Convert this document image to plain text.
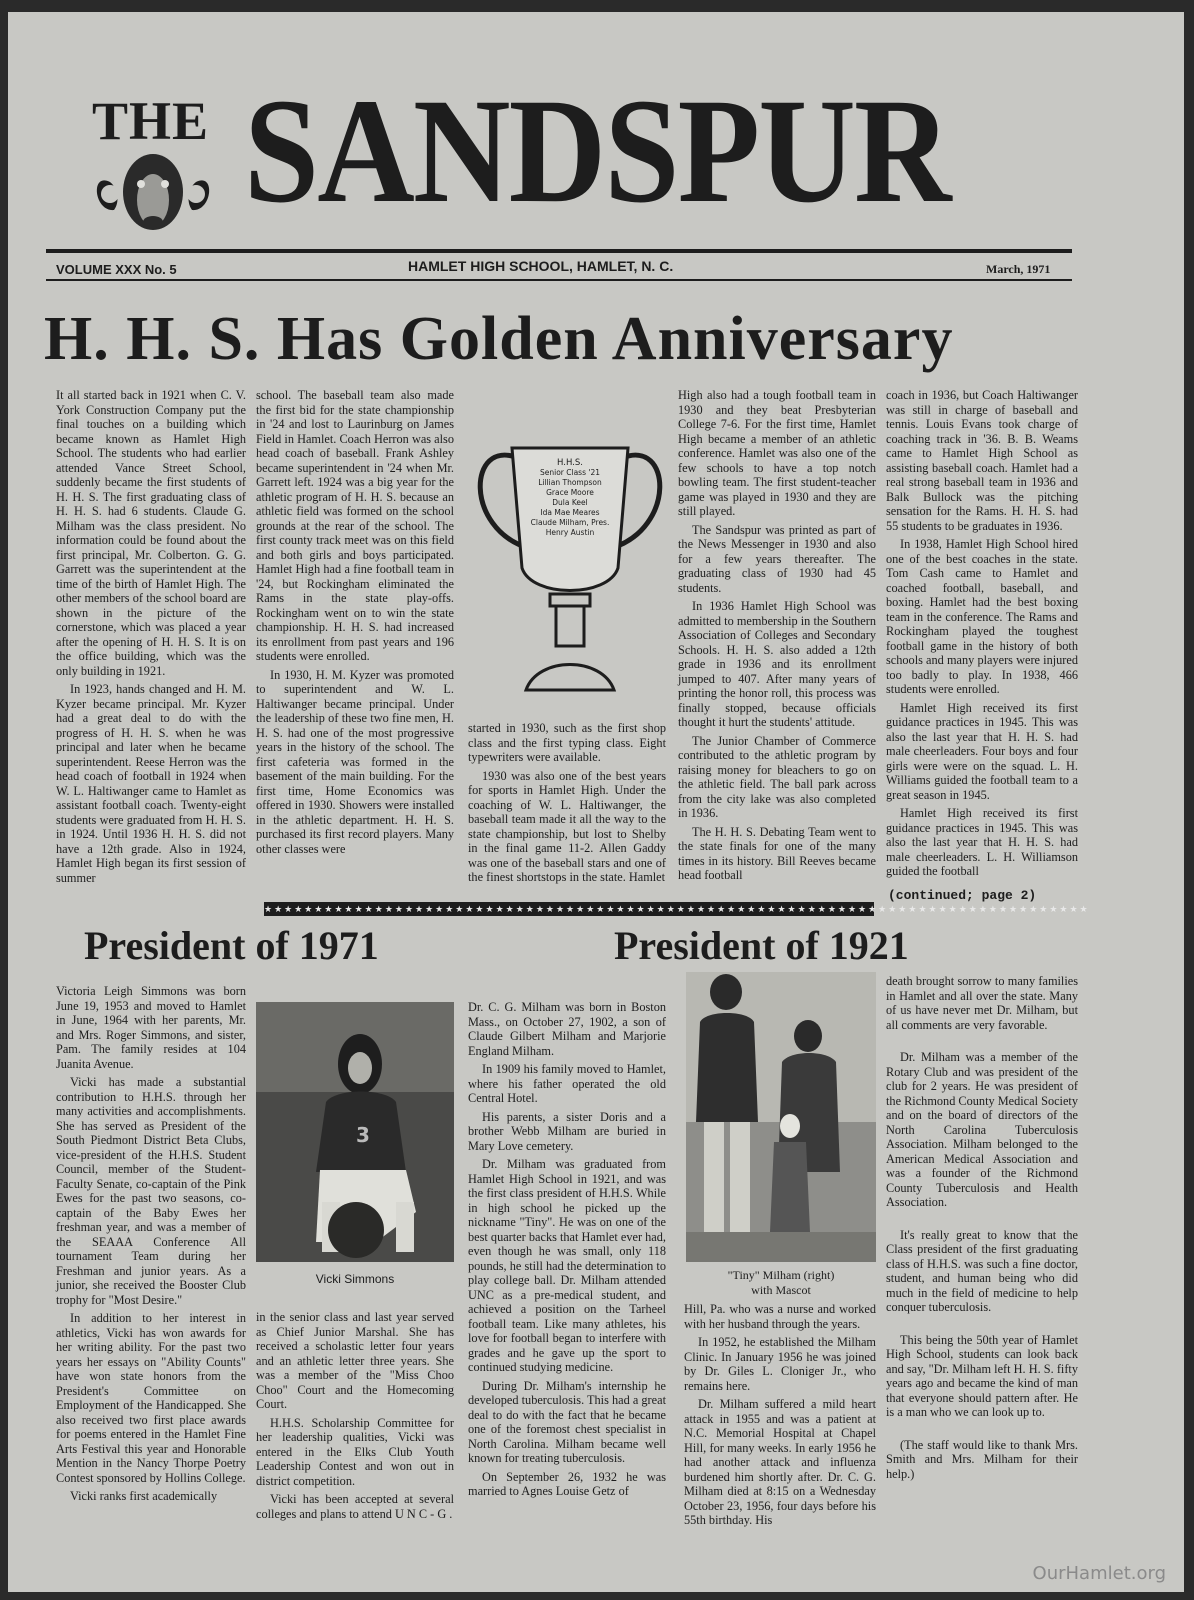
THE SANDSPUR
VOLUME XXX No. 5	HAMLET HIGH SCHOOL, HAMLET, N. C.	March, 1971
H. H. S. Has Golden Anniversary

It all started back in 1921 when C. V. York Construction Company put the final touches on a building which became known as Hamlet High School. The students who had earlier attended Vance Street School, suddenly became the first students of H. H. S. The first graduating class of H. H. S. had 6 students. Claude G. Milham was the class president. No information could be found about the first principal, Mr. Colberton. G. G. Garrett was the superintendent at the time of the birth of Hamlet High. The other members of the school board are shown in the picture of the cornerstone, which was placed a year after the opening of H. H. S. It is on the office building, which was the only building in 1921.

In 1923, hands changed and H. M. Kyzer became principal. Mr. Kyzer had a great deal to do with the progress of H. H. S. when he was principal and later when he became superintendent. Reese Herron was the head coach of football in 1924 when W. L. Haltiwanger came to Hamlet as assistant football coach. Twenty-eight students were graduated from H. H. S. in 1924. Until 1936 H. H. S. did not have a 12th grade. Also in 1924, Hamlet High began its first session of summer

school. The baseball team also made the first bid for the state championship in '24 and lost to Laurinburg on James Field in Hamlet. Coach Herron was also head coach of baseball. Frank Ashley became superintendent in '24 when Mr. Garrett left. 1924 was a big year for the athletic program of H. H. S. because an athletic field was formed on the school grounds at the rear of the school. The first county track meet was on this field and both girls and boys participated. Hamlet High had a fine football team in '24, but Rockingham eliminated the Rams in the state play-offs. Rockingham went on to win the state championship. H. H. S. had increased its enrollment from past years and 196 students were enrolled.

In 1930, H. M. Kyzer was promoted to superintendent and W. L. Haltiwanger became principal. Under the leadership of these two fine men, H. H. S. had one of the most progressive years in the history of the school. The first cafeteria was formed in the basement of the main building. For the first time, Home Economics was offered in 1930. Showers were installed in the athletic department. H. H. S. purchased its first record players. Many other classes were

H.H.S.
Senior Class '21
Lillian Thompson
Grace Moore
Dula Keel
Ida Mae Meares
Claude Milham, Pres.
Henry Austin

started in 1930, such as the first shop class and the first typing class. Eight typewriters were available.

1930 was also one of the best years for sports in Hamlet High. Under the coaching of W. L. Haltiwanger, the baseball team made it all the way to the state championship, but lost to Shelby in the final game 11-2. Allen Gaddy was one of the baseball stars and one of the finest shortstops in the state. Hamlet

High also had a tough football team in 1930 and they beat Presbyterian College 7-6. For the first time, Hamlet High became a member of an athletic conference. Hamlet was also one of the few schools to have a top notch bowling team. The first student-teacher game was played in 1930 and they are still played.

The Sandspur was printed as part of the News Messenger in 1930 and also for a few years thereafter. The graduating class of 1930 had 45 students.

In 1936 Hamlet High School was admitted to membership in the Southern Association of Colleges and Secondary Schools. H. H. S. also added a 12th grade in 1936 and its enrollment jumped to 407. After many years of printing the honor roll, this process was finally stopped, because officials thought it hurt the students' attitude.

The Junior Chamber of Commerce contributed to the athletic program by raising money for bleachers to go on the athletic field. The ball park across from the city lake was also completed in 1936.

The H. H. S. Debating Team went to the state finals for one of the many times in its history. Bill Reeves became head football

coach in 1936, but Coach Haltiwanger was still in charge of baseball and tennis. Louis Evans took charge of coaching track in '36. B. B. Weams came to Hamlet High School as assisting baseball coach. Hamlet had a real strong baseball team in 1936 and Balk Bullock was the pitching sensation for the Rams. H. H. S. had 55 students to be graduates in 1936.

In 1938, Hamlet High School hired one of the best coaches in the state. Tom Cash came to Hamlet and coached football, baseball, and boxing. Hamlet had the best boxing team in the conference. The Rams and Rockingham played the toughest football game in the history of both schools and many players were injured too badly to play. In 1938, 466 students were enrolled.

Hamlet High received its first guidance practices in 1945. This was also the last year that H. H. S. had male cheerleaders. Four boys and four girls were were on the squad. L. H. Williams guided the football team to a great season in 1945.

Hamlet High received its first guidance practices in 1945. This was also the last year that H. H. S. had male cheerleaders. L. H. Williamson guided the football

(continued; page 2)
★★★★★★★★★★★★★★★★★★★★★★★★★★★★★★★★★★★★★★★★★★★★★★★★★★★★★★★★★★★★★★★★★★★★★★★★★★★★★★★★★★
President of 1971

Victoria Leigh Simmons was born June 19, 1953 and moved to Hamlet in June, 1964 with her parents, Mr. and Mrs. Roger Simmons, and sister, Pam. The family resides at 104 Juanita Avenue.

Vicki has made a substantial contribution to H.H.S. through her many activities and accomplishments. She has served as President of the South Piedmont District Beta Clubs, vice-president of the H.H.S. Student Council, member of the Student-Faculty Senate, co-captain of the Pink Ewes for the past two seasons, co-captain of the Baby Ewes her freshman year, and was a member of the SEAAA Conference All tournament Team during her Freshman and junior years. As a junior, she received the Booster Club trophy for "Most Desire."

In addition to her interest in athletics, Vicki has won awards for her writing ability. For the past two years her essays on "Ability Counts" have won state honors from the President's Committee on Employment of the Handicapped. She also received two first place awards for poems entered in the Hamlet Fine Arts Festival this year and Honorable Mention in the Nancy Thorpe Poetry Contest sponsored by Hollins College.

Vicki ranks first academically

3
Vicki Simmons

in the senior class and last year served as Chief Junior Marshal. She has received a scholastic letter four years and an athletic letter three years. She was a member of the "Miss Choo Choo" Court and the Homecoming Court.

H.H.S. Scholarship Committee for her leadership qualities, Vicki was entered in the Elks Club Youth Leadership Contest and won out in district competition.

Vicki has been accepted at several colleges and plans to attend U N C - G .

President of 1921

Dr. C. G. Milham was born in Boston Mass., on October 27, 1902, a son of Claude Gilbert Milham and Marjorie England Milham.

In 1909 his family moved to Hamlet, where his father operated the old Central Hotel.

His parents, a sister Doris and a brother Webb Milham are buried in Mary Love cemetery.

Dr. Milham was graduated from Hamlet High School in 1921, and was the first class president of H.H.S. While in high school he picked up the nickname "Tiny". He was on one of the best quarter backs that Hamlet ever had, even though he was small, only 118 pounds, he still had the determination to play college ball. Dr. Milham attended UNC as a pre-medical student, and achieved a position on the Tarheel football team. Like many athletes, his love for football began to interfere with grades and he gave up the sport to continued studying medicine.

During Dr. Milham's internship he developed tuberculosis. This had a great deal to do with the fact that he became one of the foremost chest specialist in North Carolina. Milham became well known for treating tuberculosis.

On September 26, 1932 he was married to Agnes Louise Getz of

"Tiny" Milham (right)
with Mascot

Hill, Pa. who was a nurse and worked with her husband through the years.

In 1952, he established the Milham Clinic. In January 1956 he was joined by Dr. Giles L. Cloniger Jr., who remains here.

Dr. Milham suffered a mild heart attack in 1955 and was a patient at N.C. Memorial Hospital at Chapel Hill, for many weeks. In early 1956 he had another attack and influenza burdened him shortly after. Dr. C. G. Milham died at 8:15 on a Wednesday October 23, 1956, four days before his 55th birthday. His

death brought sorrow to many families in Hamlet and all over the state. Many of us have never met Dr. Milham, but all comments are very favorable.

Dr. Milham was a member of the Rotary Club and was president of the club for 2 years. He was president of the Richmond County Medical Society and on the board of directors of the North Carolina Tuberculosis Association. Milham belonged to the American Medical Association and was a founder of the Richmond County Tuberculosis and Health Association.

It's really great to know that the Class president of the first graduating class of H.H.S. was such a fine doctor, student, and human being who did much in the field of medicine to help conquer tuberculosis.

This being the 50th year of Hamlet High School, students can look back and say, "Dr. Milham left H. H. S. fifty years ago and became the kind of man that everyone should pattern after. He is a man who we can look up to.

(The staff would like to thank Mrs. Smith and Mrs. Milham for their help.)

OurHamlet.org
